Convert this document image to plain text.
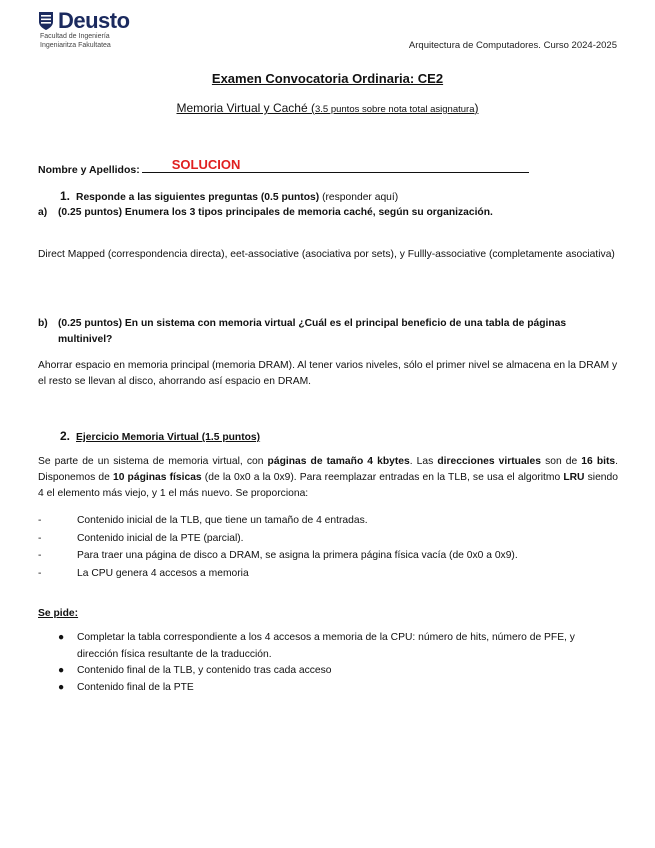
Deusto
Facultad de Ingeniería
Ingeniaritza Fakultatea	Arquitectura de Computadores. Curso 2024-2025
Examen Convocatoria Ordinaria: CE2
Memoria Virtual y Caché (3.5 puntos sobre nota total asignatura)
Nombre y Apellidos: SOLUCION
1. Responde a las siguientes preguntas (0.5 puntos) (responder aquí)
a) (0.25 puntos) Enumera los 3 tipos principales de memoria caché, según su organización.
Direct Mapped (correspondencia directa), eet-associative (asociativa por sets), y Fullly-associative (completamente asociativa)
b) (0.25 puntos) En un sistema con memoria virtual ¿Cuál es el principal beneficio de una tabla de páginas
multinivel?
Ahorrar espacio en memoria principal (memoria DRAM). Al tener varios niveles, sólo el primer nivel se almacena en la DRAM y el resto se llevan al disco, ahorrando así espacio en DRAM.
2. Ejercicio Memoria Virtual (1.5 puntos)
Se parte de un sistema de memoria virtual, con páginas de tamaño 4 kbytes. Las direcciones virtuales son de 16 bits. Disponemos de 10 páginas físicas (de la 0x0 a la 0x9). Para reemplazar entradas en la TLB, se usa el algoritmo LRU siendo 4 el elemento más viejo, y 1 el más nuevo. Se proporciona:
-	Contenido inicial de la TLB, que tiene un tamaño de 4 entradas.
-	Contenido inicial de la PTE (parcial).
-	Para traer una página de disco a DRAM, se asigna la primera página física vacía (de 0x0 a 0x9).
-	La CPU genera 4 accesos a memoria
Se pide:
●	Completar la tabla correspondiente a los 4 accesos a memoria de la CPU: número de hits, número de PFE, y dirección física resultante de la traducción.
●	Contenido final de la TLB, y contenido tras cada acceso
●	Contenido final de la PTE
